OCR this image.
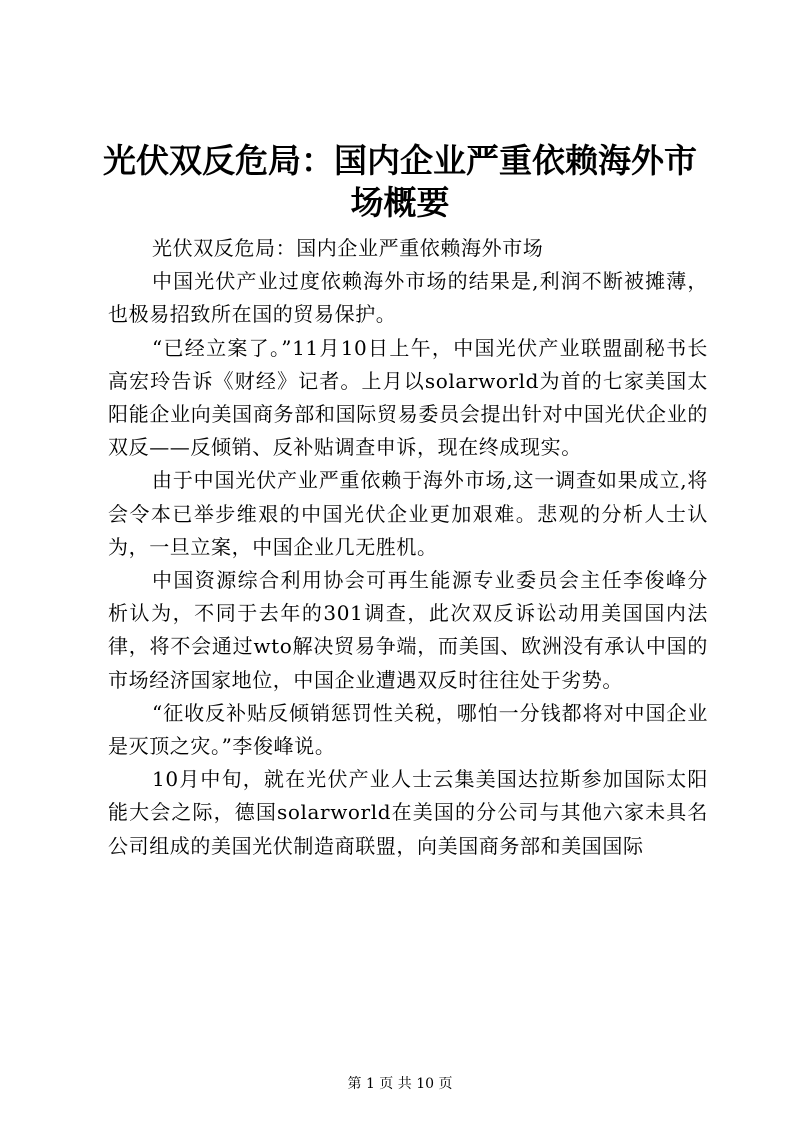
光伏双反危局：国内企业严重依赖海外市场概要

光伏双反危局：国内企业严重依赖海外市场

中国光伏产业过度依赖海外市场的结果是,利润不断被摊薄，也极易招致所在国的贸易保护。

“已经立案了。”11月10日上午，中国光伏产业联盟副秘书长高宏玲告诉《财经》记者。上月以solarworld为首的七家美国太阳能企业向美国商务部和国际贸易委员会提出针对中国光伏企业的双反——反倾销、反补贴调查申诉，现在终成现实。

由于中国光伏产业严重依赖于海外市场,这一调查如果成立,将会令本已举步维艰的中国光伏企业更加艰难。悲观的分析人士认为，一旦立案，中国企业几无胜机。

中国资源综合利用协会可再生能源专业委员会主任李俊峰分析认为，不同于去年的301调查，此次双反诉讼动用美国国内法律，将不会通过wto解决贸易争端，而美国、欧洲没有承认中国的市场经济国家地位，中国企业遭遇双反时往往处于劣势。

“征收反补贴反倾销惩罚性关税，哪怕一分钱都将对中国企业是灭顶之灾。”李俊峰说。

10月中旬，就在光伏产业人士云集美国达拉斯参加国际太阳能大会之际，德国solarworld在美国的分公司与其他六家未具名公司组成的美国光伏制造商联盟，向美国商务部和美国国际

第 1 页 共 10 页
